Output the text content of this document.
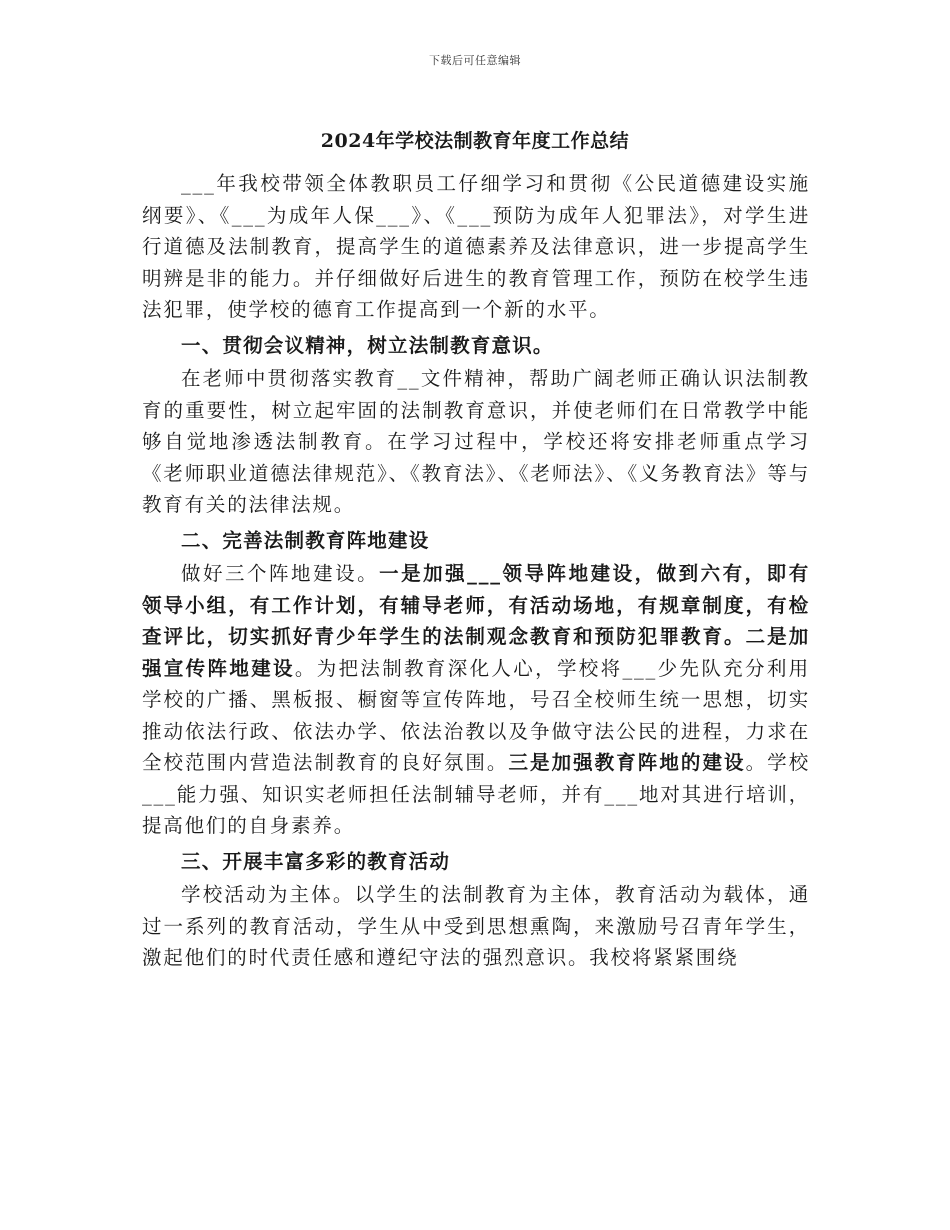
下载后可任意编辑
2024年学校法制教育年度工作总结

___年我校带领全体教职员工仔细学习和贯彻《公民道德建设实施纲要》、《___为成年人保___》、《___预防为成年人犯罪法》，对学生进行道德及法制教育，提高学生的道德素养及法律意识，进一步提高学生明辨是非的能力。并仔细做好后进生的教育管理工作，预防在校学生违法犯罪，使学校的德育工作提高到一个新的水平。

一、贯彻会议精神，树立法制教育意识。

在老师中贯彻落实教育__文件精神，帮助广阔老师正确认识法制教育的重要性，树立起牢固的法制教育意识，并使老师们在日常教学中能够自觉地渗透法制教育。在学习过程中，学校还将安排老师重点学习《老师职业道德法律规范》、《教育法》、《老师法》、《义务教育法》等与教育有关的法律法规。

二、完善法制教育阵地建设

做好三个阵地建设。一是加强___领导阵地建设，做到六有，即有领导小组，有工作计划，有辅导老师，有活动场地，有规章制度，有检查评比，切实抓好青少年学生的法制观念教育和预防犯罪教育。二是加强宣传阵地建设。为把法制教育深化人心，学校将___少先队充分利用学校的广播、黑板报、橱窗等宣传阵地，号召全校师生统一思想，切实推动依法行政、依法办学、依法治教以及争做守法公民的进程，力求在全校范围内营造法制教育的良好氛围。三是加强教育阵地的建设。学校___能力强、知识实老师担任法制辅导老师，并有___地对其进行培训，提高他们的自身素养。

三、开展丰富多彩的教育活动

学校活动为主体。以学生的法制教育为主体，教育活动为载体，通过一系列的教育活动，学生从中受到思想熏陶，来激励号召青年学生，激起他们的时代责任感和遵纪守法的强烈意识。我校将紧紧围绕
